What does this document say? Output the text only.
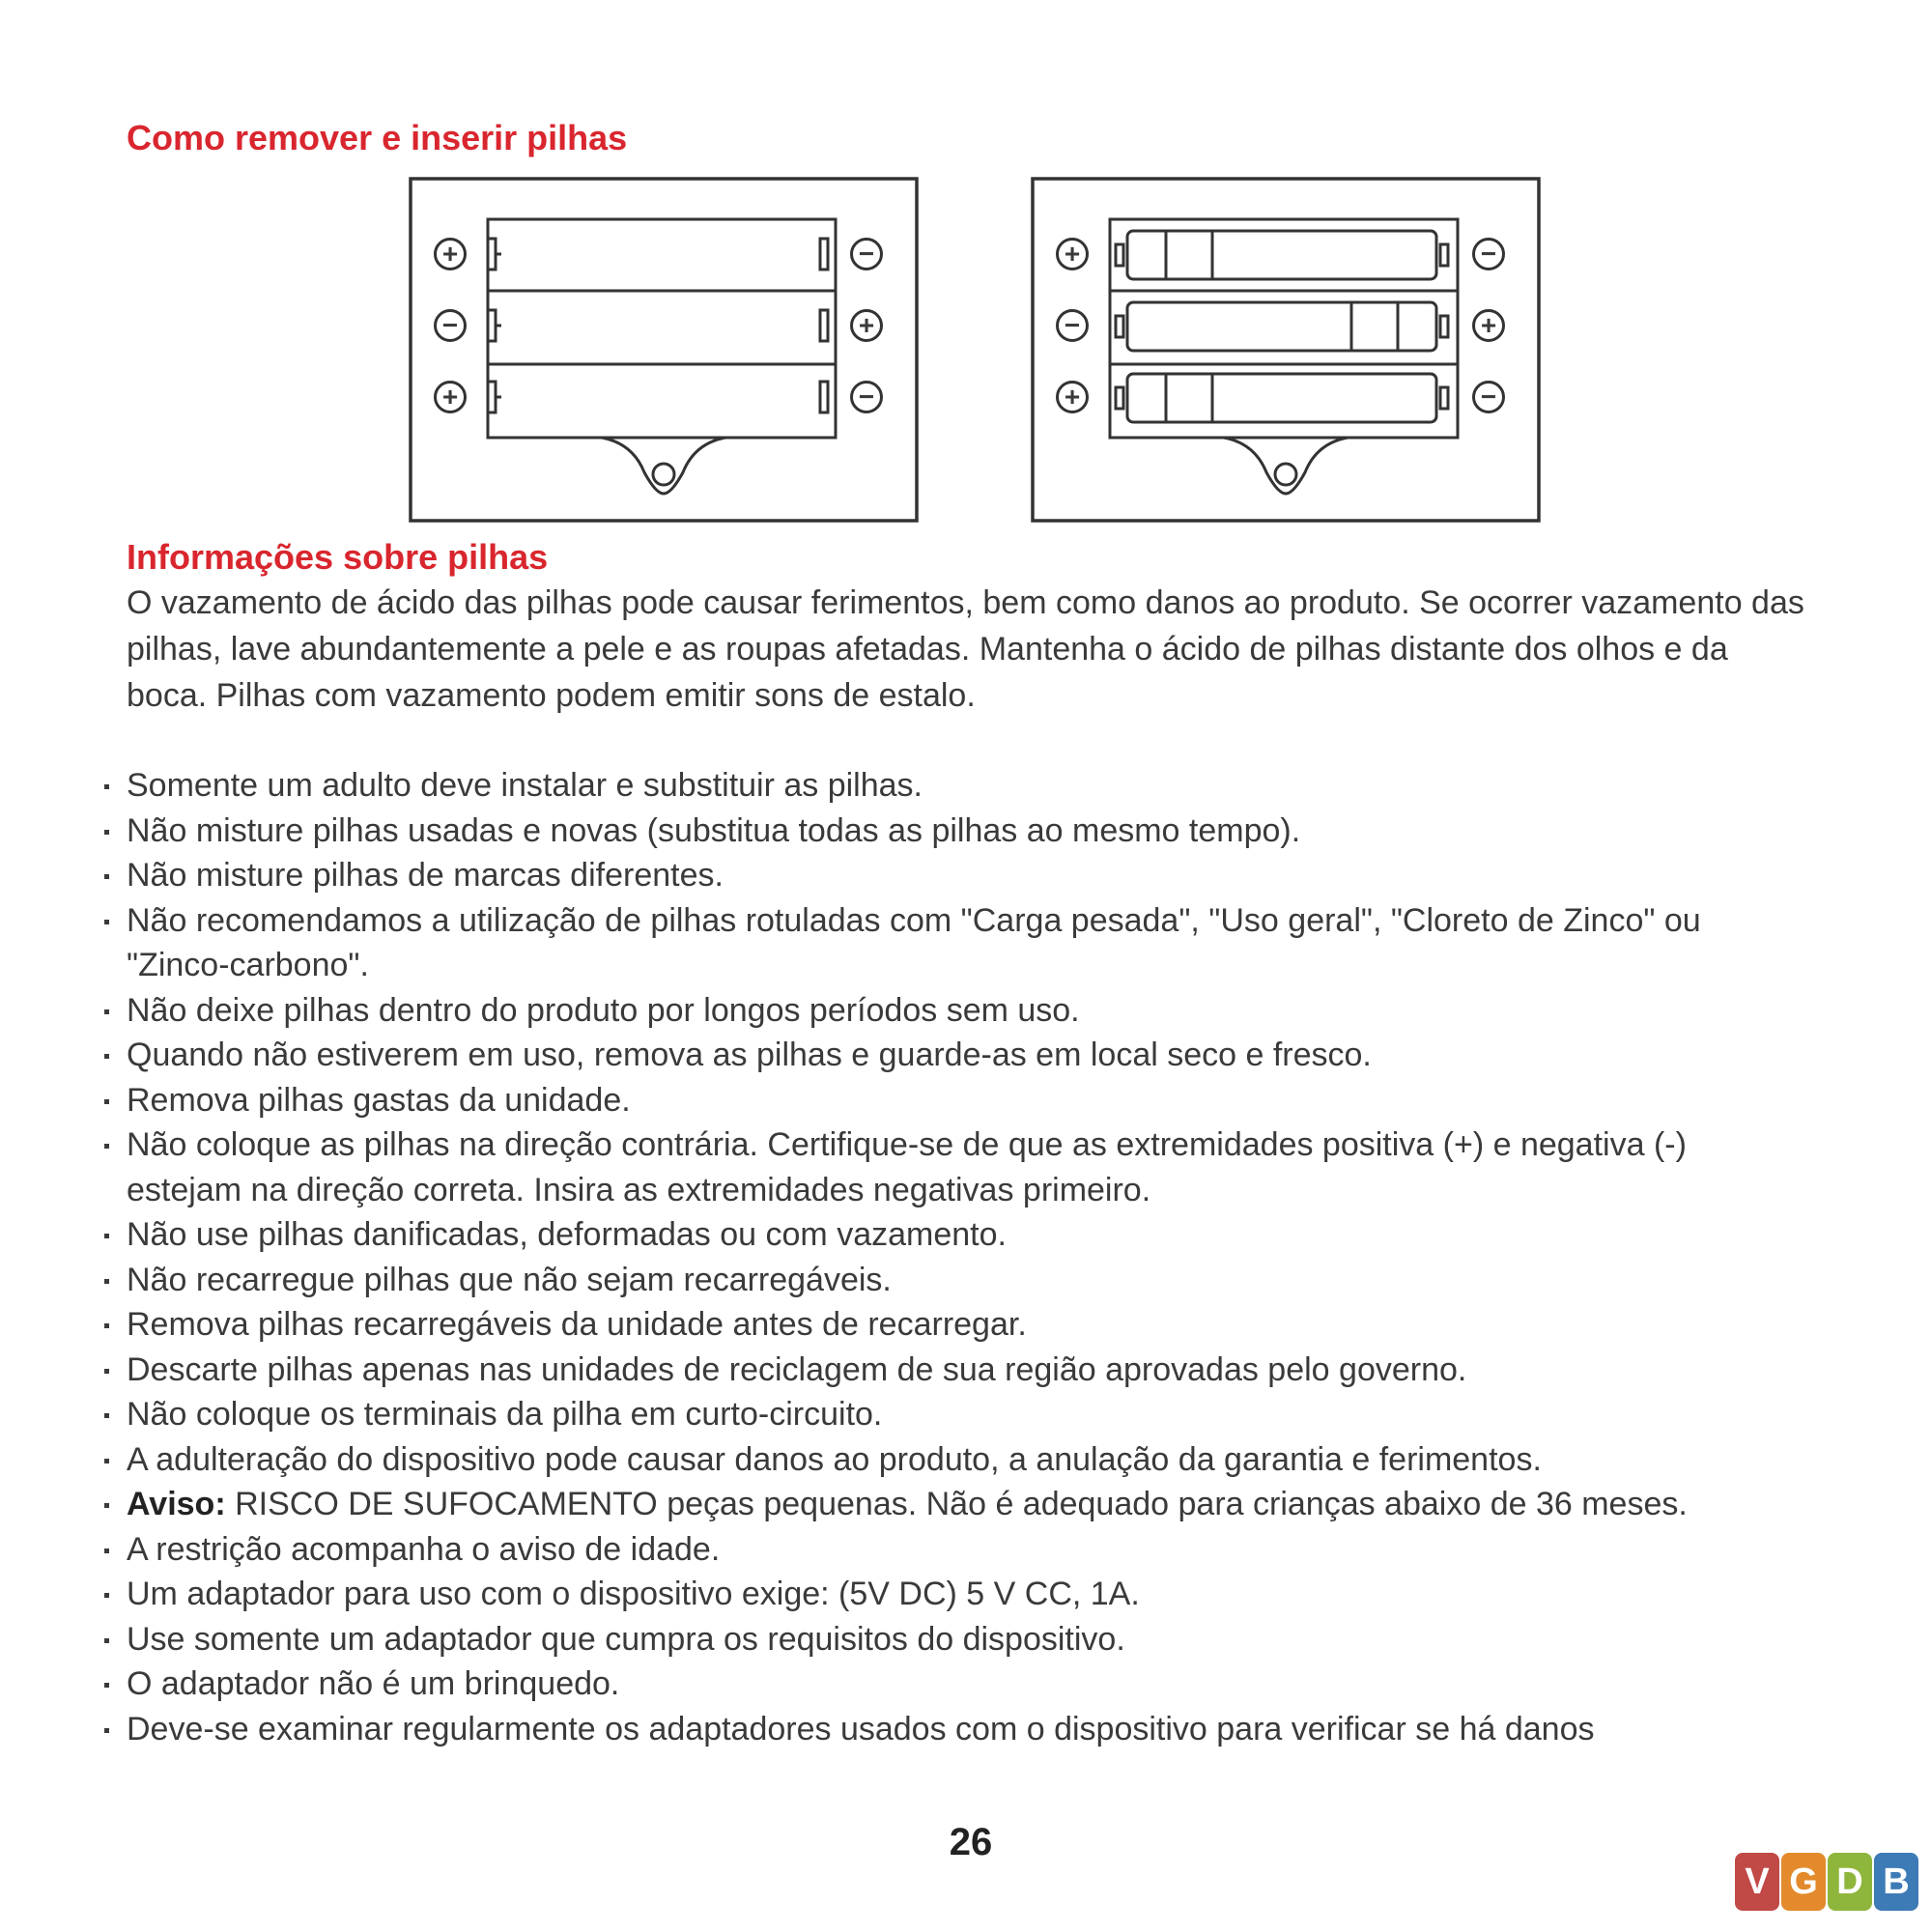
Como remover e inserir pilhas
+
−
+
−
+
−
+
−
+
−
+
−
Informações sobre pilhas

O vazamento de ácido das pilhas pode causar ferimentos, bem como danos ao produto. Se ocorrer vazamento das pilhas, lave abundantemente a pele e as roupas afetadas. Mantenha o ácido de pilhas distante dos olhos e da boca. Pilhas com vazamento podem emitir sons de estalo.

Somente um adulto deve instalar e substituir as pilhas.
Não misture pilhas usadas e novas (substitua todas as pilhas ao mesmo tempo).
Não misture pilhas de marcas diferentes.
Não recomendamos a utilização de pilhas rotuladas com "Carga pesada", "Uso geral", "Cloreto de Zinco" ou "Zinco-carbono".
Não deixe pilhas dentro do produto por longos períodos sem uso.
Quando não estiverem em uso, remova as pilhas e guarde-as em local seco e fresco.
Remova pilhas gastas da unidade.
Não coloque as pilhas na direção contrária. Certifique-se de que as extremidades positiva (+) e negativa (-) estejam na direção correta. Insira as extremidades negativas primeiro.
Não use pilhas danificadas, deformadas ou com vazamento.
Não recarregue pilhas que não sejam recarregáveis.
Remova pilhas recarregáveis da unidade antes de recarregar.
Descarte pilhas apenas nas unidades de reciclagem de sua região aprovadas pelo governo.
Não coloque os terminais da pilha em curto-circuito.
A adulteração do dispositivo pode causar danos ao produto, a anulação da garantia e ferimentos.
Aviso: RISCO DE SUFOCAMENTO peças pequenas. Não é adequado para crianças abaixo de 36 meses.
A restrição acompanha o aviso de idade.
Um adaptador para uso com o dispositivo exige: (5V DC) 5 V CC, 1A.
Use somente um adaptador que cumpra os requisitos do dispositivo.
O adaptador não é um brinquedo.
Deve-se examinar regularmente os adaptadores usados com o dispositivo para verificar se há danos

26

V G D B
